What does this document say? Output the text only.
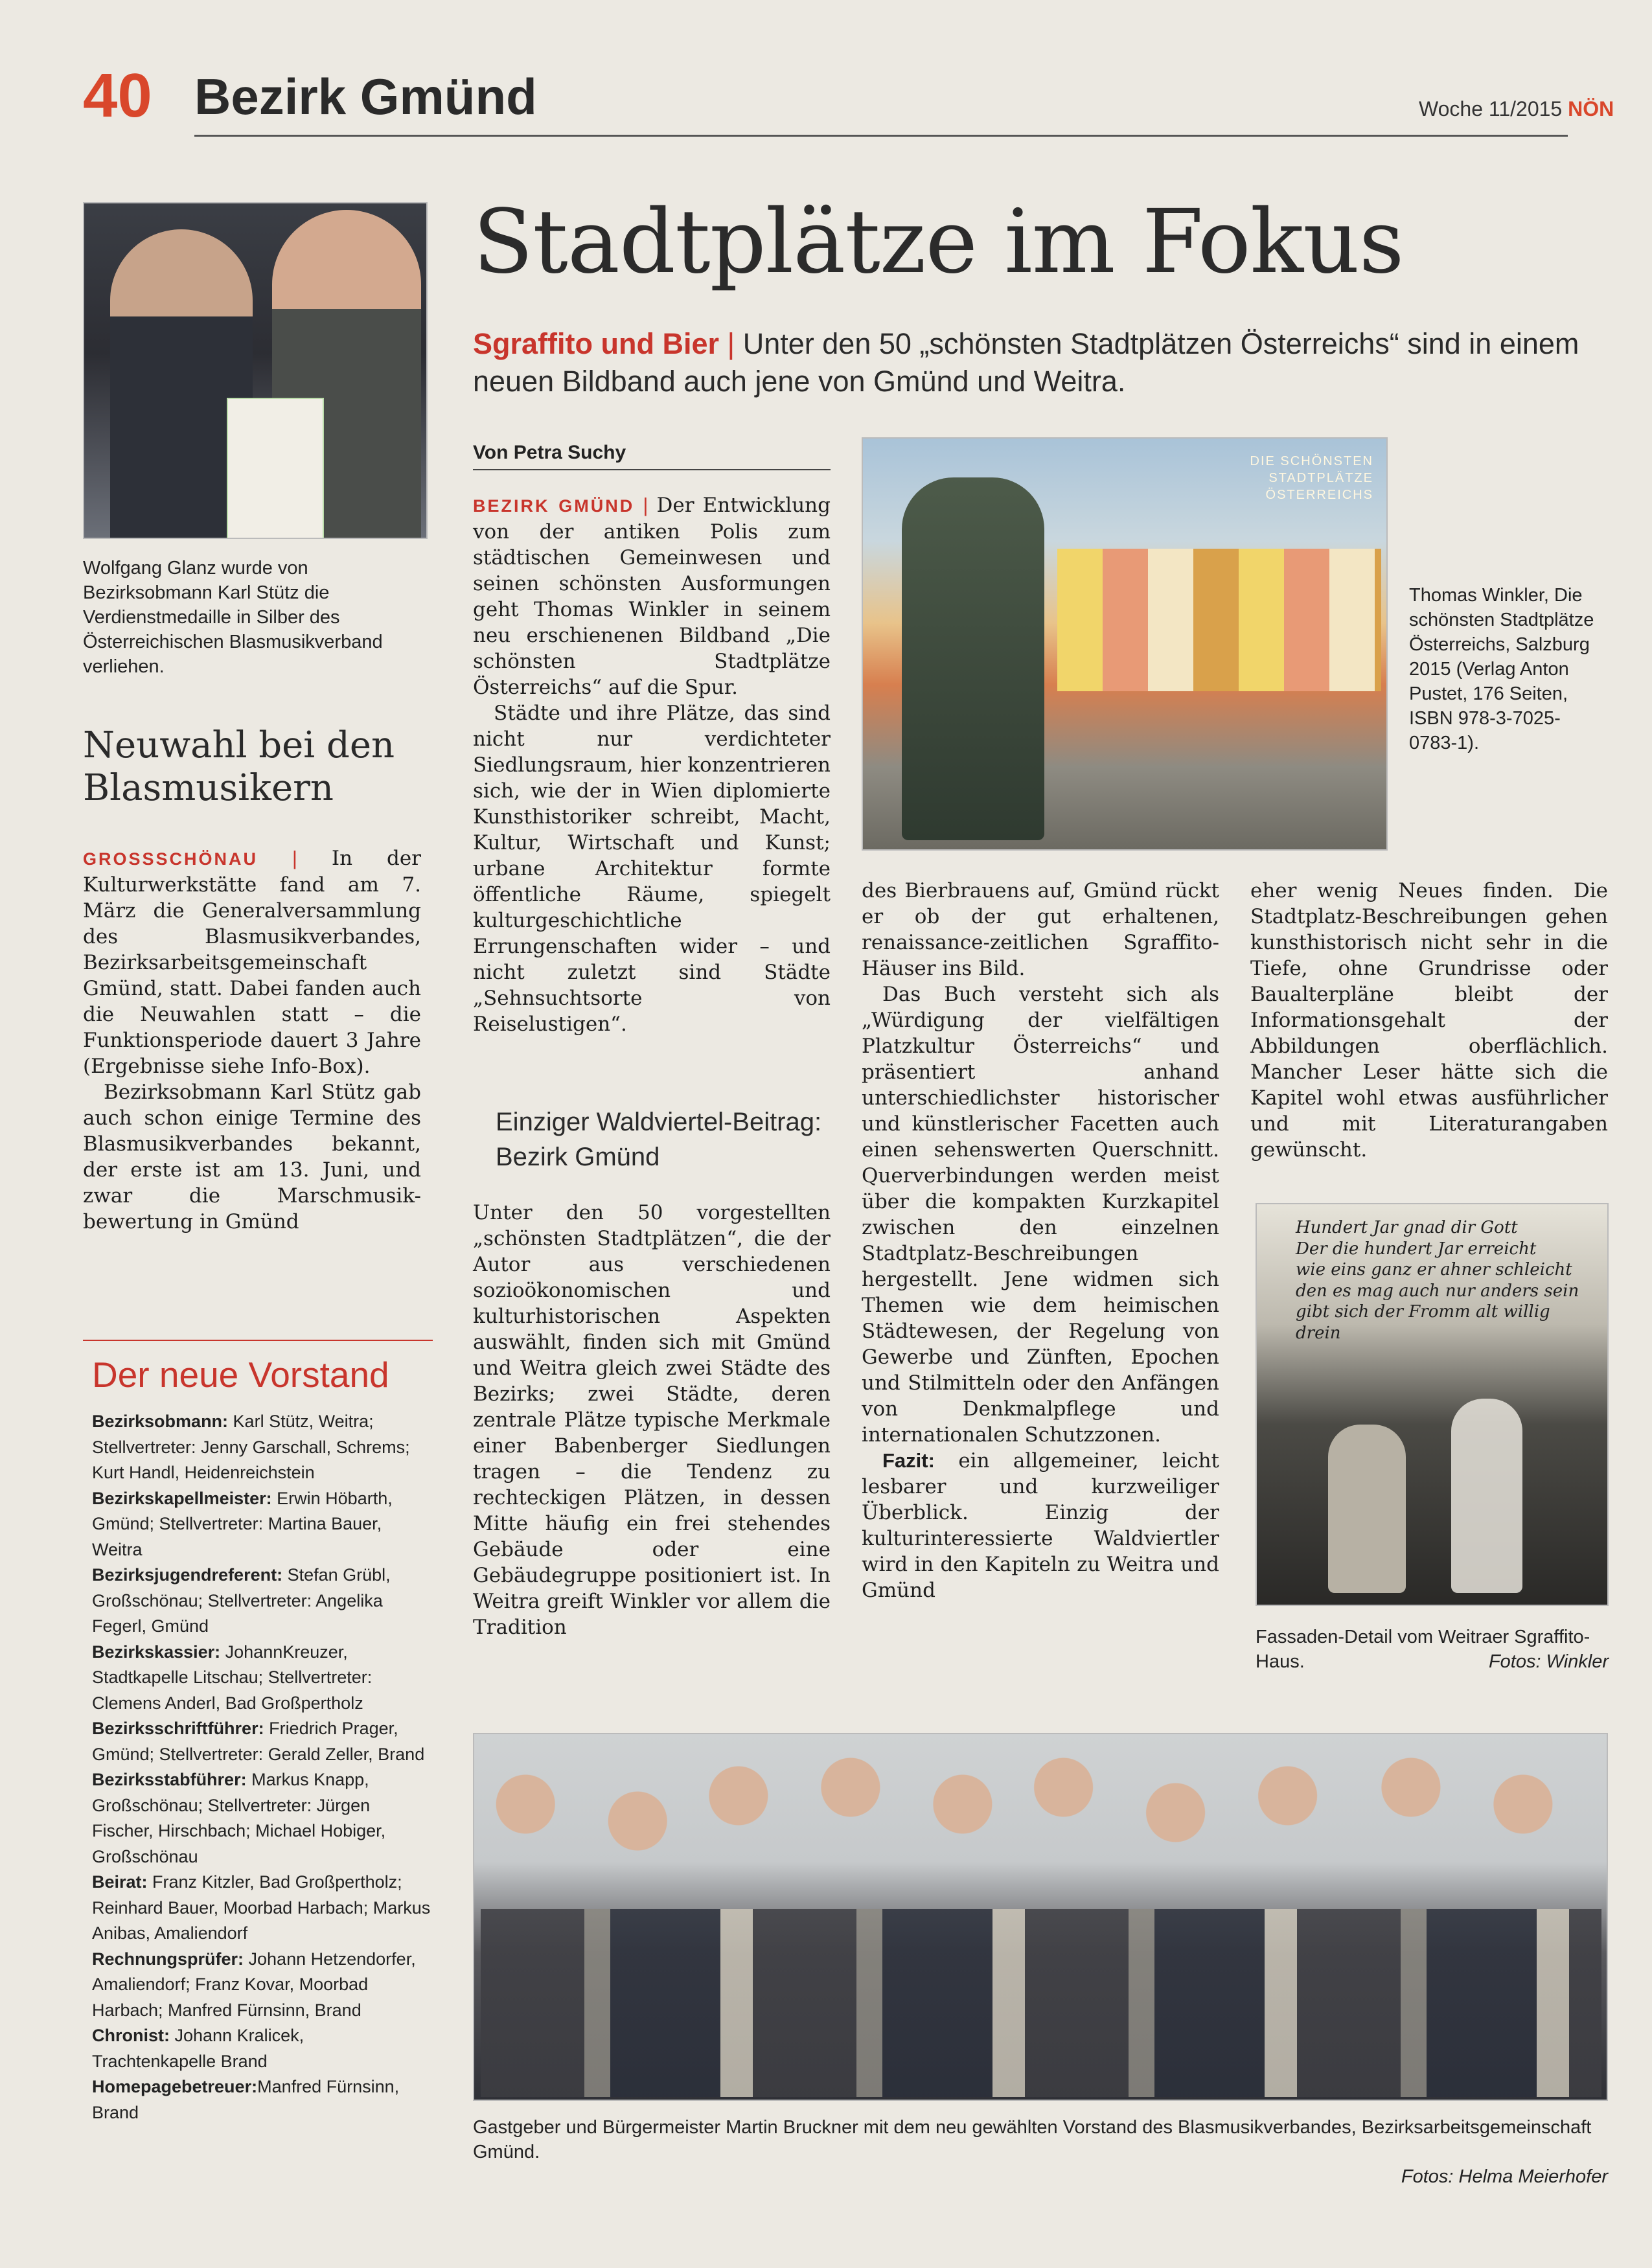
40 Bezirk Gmünd	Woche 11/2015 NÖN
Wolfgang Glanz wurde von Bezirksobmann Karl Stütz die Verdienstmedaille in Silber des Österreichischen Blasmusikverband verliehen.
Neuwahl bei den Blasmusikern

GROSSSCHÖNAU | In der Kulturwerkstätte fand am 7. März die Generalversammlung des Blasmusikverbandes, Bezirksarbeitsgemeinschaft Gmünd, statt. Dabei fanden auch die Neuwahlen statt – die Funktionsperiode dauert 3 Jahre (Ergebnisse siehe Info-Box).

Bezirksobmann Karl Stütz gab auch schon einige Termine des Blasmusikverbandes bekannt, der erste ist am 13. Juni, und zwar die Marschmusik-bewertung in Gmünd

Der neue Vorstand
Bezirksobmann: Karl Stütz, Weitra; Stellvertreter: Jenny Garschall, Schrems; Kurt Handl, Heidenreichstein
Bezirkskapellmeister: Erwin Höbarth, Gmünd; Stellvertreter: Martina Bauer, Weitra
Bezirksjugendreferent: Stefan Grübl, Großschönau; Stellvertreter: Angelika Fegerl, Gmünd
Bezirkskassier: JohannKreuzer, Stadtkapelle Litschau; Stellvertreter: Clemens Anderl, Bad Großpertholz
Bezirksschriftführer: Friedrich Prager, Gmünd; Stellvertreter: Gerald Zeller, Brand
Bezirksstabführer: Markus Knapp, Großschönau; Stellvertreter: Jürgen Fischer, Hirschbach; Michael Hobiger, Großschönau
Beirat: Franz Kitzler, Bad Großpertholz; Reinhard Bauer, Moorbad Harbach; Markus Anibas, Amaliendorf
Rechnungsprüfer: Johann Hetzendorfer, Amaliendorf; Franz Kovar, Moorbad Harbach; Manfred Fürnsinn, Brand
Chronist: Johann Kralicek, Trachtenkapelle Brand
Homepagebetreuer:Manfred Fürnsinn, Brand
Stadtplätze im Fokus
Sgraffito und Bier | Unter den 50 „schönsten Stadtplätzen Österreichs“ sind in einem neuen Bildband auch jene von Gmünd und Weitra.
Von Petra Suchy

BEZIRK GMÜND | Der Entwicklung von der antiken Polis zum städtischen Gemeinwesen und seinen schönsten Ausformungen geht Thomas Winkler in seinem neu erschienenen Bildband „Die schönsten Stadtplätze Österreichs“ auf die Spur.

Städte und ihre Plätze, das sind nicht nur verdichteter Siedlungsraum, hier konzentrieren sich, wie der in Wien diplomierte Kunsthistoriker schreibt, Macht, Kultur, Wirtschaft und Kunst; urbane Architektur formte öffentliche Räume, spiegelt kulturgeschichtliche Errungenschaften wider – und nicht zuletzt sind Städte „Sehnsuchtsorte von Reiselustigen“.

Einziger Waldviertel-Beitrag: Bezirk Gmünd

Unter den 50 vorgestellten „schönsten Stadtplätzen“, die der Autor aus verschiedenen sozioökonomischen und kulturhistorischen Aspekten auswählt, finden sich mit Gmünd und Weitra gleich zwei Städte des Bezirks; zwei Städte, deren zentrale Plätze typische Merkmale einer Babenberger Siedlungen tragen – die Tendenz zu rechteckigen Plätzen, in dessen Mitte häufig ein frei stehendes Gebäude oder eine Gebäudegruppe positioniert ist. In Weitra greift Winkler vor allem die Tradition

DIE SCHÖNSTEN STADTPLÄTZE ÖSTERREICHS
Thomas Winkler, Die schönsten Stadtplätze Österreichs, Salzburg 2015 (Verlag Anton Pustet, 176 Seiten, ISBN 978-3-7025-0783-1).

des Bierbrauens auf, Gmünd rückt er ob der gut erhaltenen, renaissance-zeitlichen Sgraffito-Häuser ins Bild.

Das Buch versteht sich als „Würdigung der vielfältigen Platzkultur Österreichs“ und präsentiert anhand unterschiedlichster historischer und künstlerischer Facetten auch einen sehenswerten Querschnitt. Querverbindungen werden meist über die kompakten Kurzkapitel zwischen den einzelnen Stadtplatz-Beschreibungen hergestellt. Jene widmen sich Themen wie dem heimischen Städtewesen, der Regelung von Gewerbe und Zünften, Epochen und Stilmitteln oder den Anfängen von Denkmalpflege und internationalen Schutzzonen.

Fazit: ein allgemeiner, leicht lesbarer und kurzweiliger Überblick. Einzig der kulturinteressierte Waldviertler wird in den Kapiteln zu Weitra und Gmünd

eher wenig Neues finden. Die Stadtplatz-Beschreibungen gehen kunsthistorisch nicht sehr in die Tiefe, ohne Grundrisse oder Baualterpläne bleibt der Informationsgehalt der Abbildungen oberflächlich. Mancher Leser hätte sich die Kapitel wohl etwas ausführlicher und mit Literaturangaben gewünscht.

Hundert Jar gnad dir Gott
Der die hundert Jar erreicht
wie eins ganz er ahner schleicht
den es mag auch nur anders sein
gibt sich der Fromm alt willig drein
Fassaden-Detail vom Weitraer Sgraffito-Haus.	Fotos: Winkler
Gastgeber und Bürgermeister Martin Bruckner mit dem neu gewählten Vorstand des Blasmusikverbandes, Bezirksarbeitsgemeinschaft Gmünd.

Fotos: Helma Meierhofer
